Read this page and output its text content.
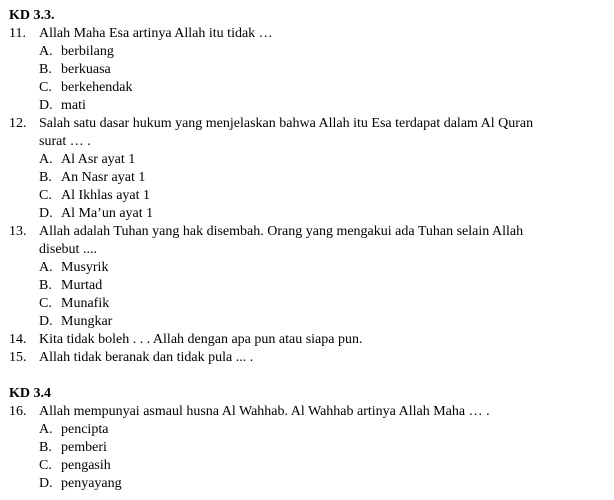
KD 3.3.
11. Allah Maha Esa artinya Allah itu tidak …
A. berbilang
B. berkuasa
C. berkehendak
D. mati
12. Salah satu dasar hukum yang menjelaskan bahwa Allah itu Esa terdapat dalam Al Quran
surat … .
A. Al Asr ayat 1
B. An Nasr ayat 1
C. Al Ikhlas ayat 1
D. Al Ma’un ayat 1
13. Allah adalah Tuhan yang hak disembah. Orang yang mengakui ada Tuhan selain Allah
disebut ....
A. Musyrik
B. Murtad
C. Munafik
D. Mungkar
14. Kita tidak boleh . . . Allah dengan apa pun atau siapa pun.
15. Allah tidak beranak dan tidak pula ... .
KD 3.4
16. Allah mempunyai asmaul husna Al Wahhab. Al Wahhab artinya Allah Maha … .
A. pencipta
B. pemberi
C. pengasih
D. penyayang
